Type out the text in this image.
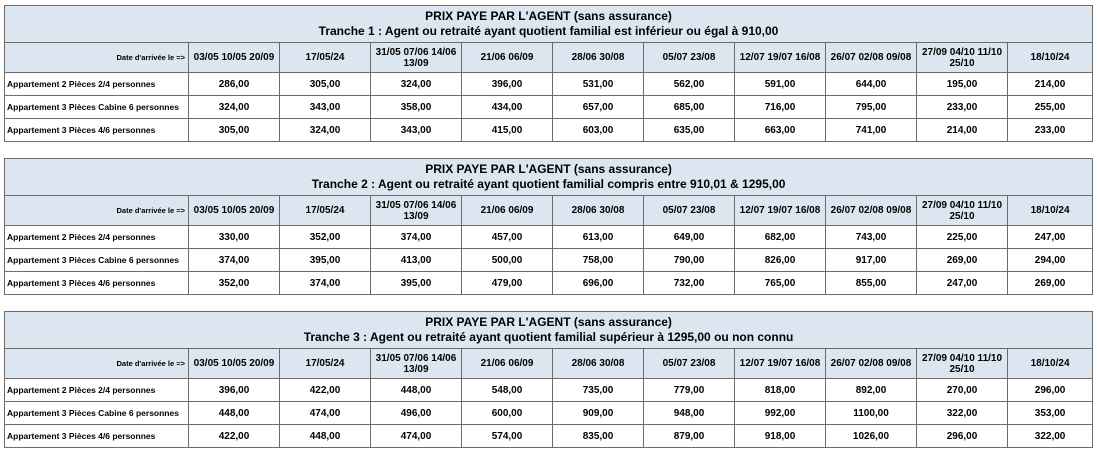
PRIX PAYE PAR L'AGENT (sans assurance)
Tranche 1 : Agent ou retraité ayant quotient familial est inférieur ou égal à 910,00										

Date d'arrivée le =>	03/05 10/05 20/09	17/05/24	31/05 07/06 14/06 13/09	21/06 06/09	28/06 30/08	05/07 23/08	12/07 19/07 16/08	26/07 02/08 09/08	27/09 04/10 11/10 25/10	18/10/24
Appartement 2 Pièces 2/4 personnes	286,00	305,00	324,00	396,00	531,00	562,00	591,00	644,00	195,00	214,00
Appartement 3 Pièces Cabine 6 personnes	324,00	343,00	358,00	434,00	657,00	685,00	716,00	795,00	233,00	255,00
Appartement 3 Pièces 4/6 personnes	305,00	324,00	343,00	415,00	603,00	635,00	663,00	741,00	214,00	233,00
PRIX PAYE PAR L'AGENT (sans assurance)
Tranche 2 : Agent ou retraité ayant quotient familial compris entre 910,01 & 1295,00										

Date d'arrivée le =>	03/05 10/05 20/09	17/05/24	31/05 07/06 14/06 13/09	21/06 06/09	28/06 30/08	05/07 23/08	12/07 19/07 16/08	26/07 02/08 09/08	27/09 04/10 11/10 25/10	18/10/24
Appartement 2 Pièces 2/4 personnes	330,00	352,00	374,00	457,00	613,00	649,00	682,00	743,00	225,00	247,00
Appartement 3 Pièces Cabine 6 personnes	374,00	395,00	413,00	500,00	758,00	790,00	826,00	917,00	269,00	294,00
Appartement 3 Pièces 4/6 personnes	352,00	374,00	395,00	479,00	696,00	732,00	765,00	855,00	247,00	269,00
PRIX PAYE PAR L'AGENT (sans assurance)
Tranche 3 : Agent ou retraité ayant quotient familial supérieur à 1295,00 ou non connu										

Date d'arrivée le =>	03/05 10/05 20/09	17/05/24	31/05 07/06 14/06 13/09	21/06 06/09	28/06 30/08	05/07 23/08	12/07 19/07 16/08	26/07 02/08 09/08	27/09 04/10 11/10 25/10	18/10/24
Appartement 2 Pièces 2/4 personnes	396,00	422,00	448,00	548,00	735,00	779,00	818,00	892,00	270,00	296,00
Appartement 3 Pièces Cabine 6 personnes	448,00	474,00	496,00	600,00	909,00	948,00	992,00	1100,00	322,00	353,00
Appartement 3 Pièces 4/6 personnes	422,00	448,00	474,00	574,00	835,00	879,00	918,00	1026,00	296,00	322,00
